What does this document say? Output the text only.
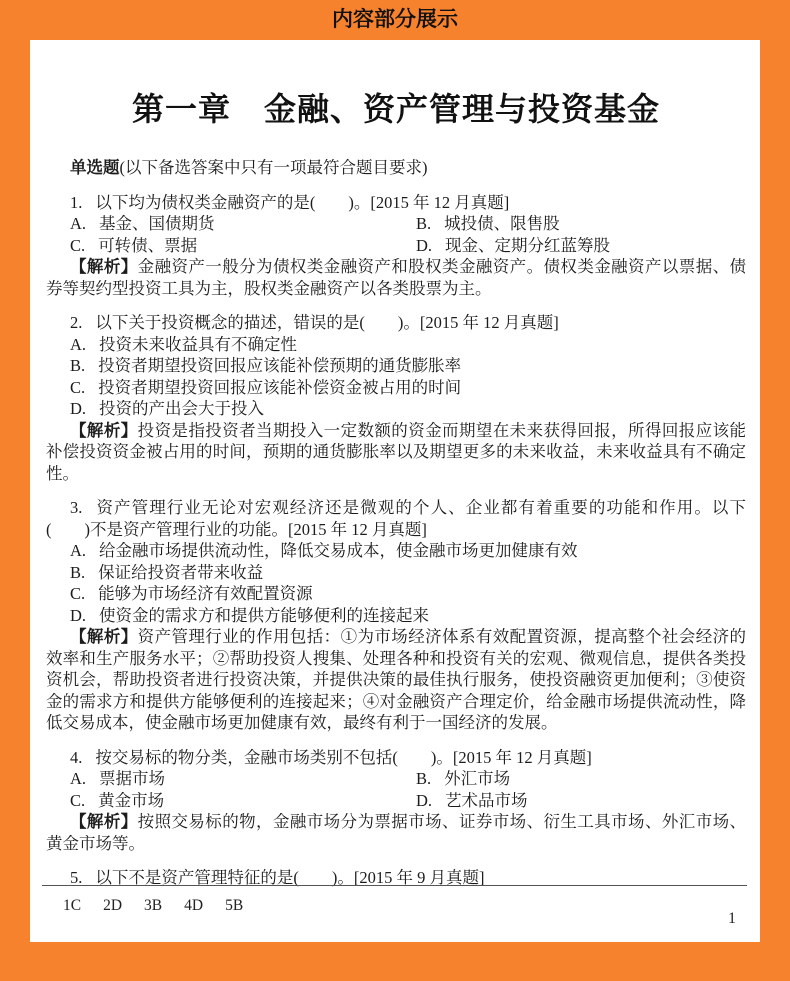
内容部分展示
第一章　金融、资产管理与投资基金

单选题(以下备选答案中只有一项最符合题目要求)

1. 以下均为债权类金融资产的是(　　)。[2015 年 12 月真题]

A. 基金、国债期货	B. 城投债、限售股
C. 可转债、票据	D. 现金、定期分红蓝筹股

【解析】金融资产一般分为债权类金融资产和股权类金融资产。债权类金融资产以票据、债券等契约型投资工具为主，股权类金融资产以各类股票为主。

2. 以下关于投资概念的描述，错误的是(　　)。[2015 年 12 月真题]

A. 投资未来收益具有不确定性

B. 投资者期望投资回报应该能补偿预期的通货膨胀率

C. 投资者期望投资回报应该能补偿资金被占用的时间

D. 投资的产出会大于投入

【解析】投资是指投资者当期投入一定数额的资金而期望在未来获得回报，所得回报应该能补偿投资资金被占用的时间，预期的通货膨胀率以及期望更多的未来收益，未来收益具有不确定性。

3. 资产管理行业无论对宏观经济还是微观的个人、企业都有着重要的功能和作用。以下(　　)不是资产管理行业的功能。[2015 年 12 月真题]

A. 给金融市场提供流动性，降低交易成本，使金融市场更加健康有效

B. 保证给投资者带来收益

C. 能够为市场经济有效配置资源

D. 使资金的需求方和提供方能够便利的连接起来

【解析】资产管理行业的作用包括：①为市场经济体系有效配置资源，提高整个社会经济的效率和生产服务水平；②帮助投资人搜集、处理各种和投资有关的宏观、微观信息，提供各类投资机会，帮助投资者进行投资决策，并提供决策的最佳执行服务，使投资融资更加便利；③使资金的需求方和提供方能够便利的连接起来；④对金融资产合理定价，给金融市场提供流动性，降低交易成本，使金融市场更加健康有效，最终有利于一国经济的发展。

4. 按交易标的物分类，金融市场类别不包括(　　)。[2015 年 12 月真题]

A. 票据市场	B. 外汇市场
C. 黄金市场	D. 艺术品市场

【解析】按照交易标的物，金融市场分为票据市场、证券市场、衍生工具市场、外汇市场、黄金市场等。

5. 以下不是资产管理特征的是(　　)。[2015 年 9 月真题]

1C 2D 3B 4D 5B
1
